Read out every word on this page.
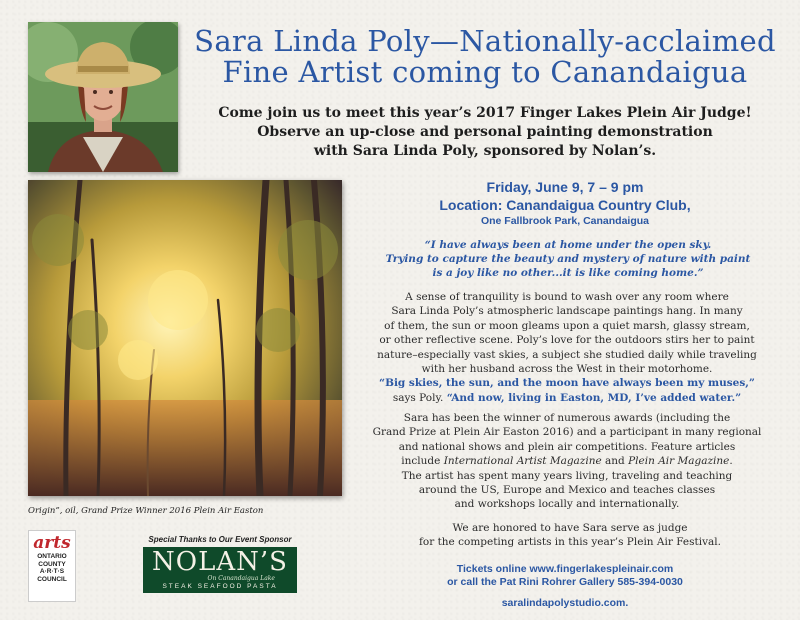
Sara Linda Poly—Nationally-acclaimed
Fine Artist coming to Canandaigua
Come join us to meet this year’s 2017 Finger Lakes Plein Air Judge!
Observe an up-close and personal painting demonstration
with Sara Linda Poly, sponsored by Nolan’s.
Origin”, oil, Grand Prize Winner 2016 Plein Air Easton
Friday, June 9, 7 – 9 pm
Location: Canandaigua Country Club,
One Fallbrook Park, Canandaigua
“I have always been at home under the open sky.
Trying to capture the beauty and mystery of nature with paint
is a joy like no other...it is like coming home.”
A sense of tranquility is bound to wash over any room where
Sara Linda Poly’s atmospheric landscape paintings hang. In many
of them, the sun or moon gleams upon a quiet marsh, glassy stream,
or other reflective scene. Poly’s love for the outdoors stirs her to paint
nature–especially vast skies, a subject she studied daily while traveling
with her husband across the West in their motorhome.
“Big skies, the sun, and the moon have always been my muses,”
says Poly. “And now, living in Easton, MD, I’ve added water.”
Sara has been the winner of numerous awards (including the
Grand Prize at Plein Air Easton 2016) and a participant in many regional
and national shows and plein air competitions. Feature articles
include International Artist Magazine and Plein Air Magazine.
The artist has spent many years living, traveling and teaching
around the US, Europe and Mexico and teaches classes
and workshops locally and internationally.
We are honored to have Sara serve as judge
for the competing artists in this year’s Plein Air Festival.
Tickets online www.fingerlakespleinair.com
or call the Pat Rini Rohrer Gallery 585-394-0030
saralindapolystudio.com.
arts
ONTARIO
COUNTY
A·R·T·S
COUNCIL
Special Thanks to Our Event Sponsor
NOLAN’S
On Canandaigua Lake
STEAK SEAFOOD PASTA
